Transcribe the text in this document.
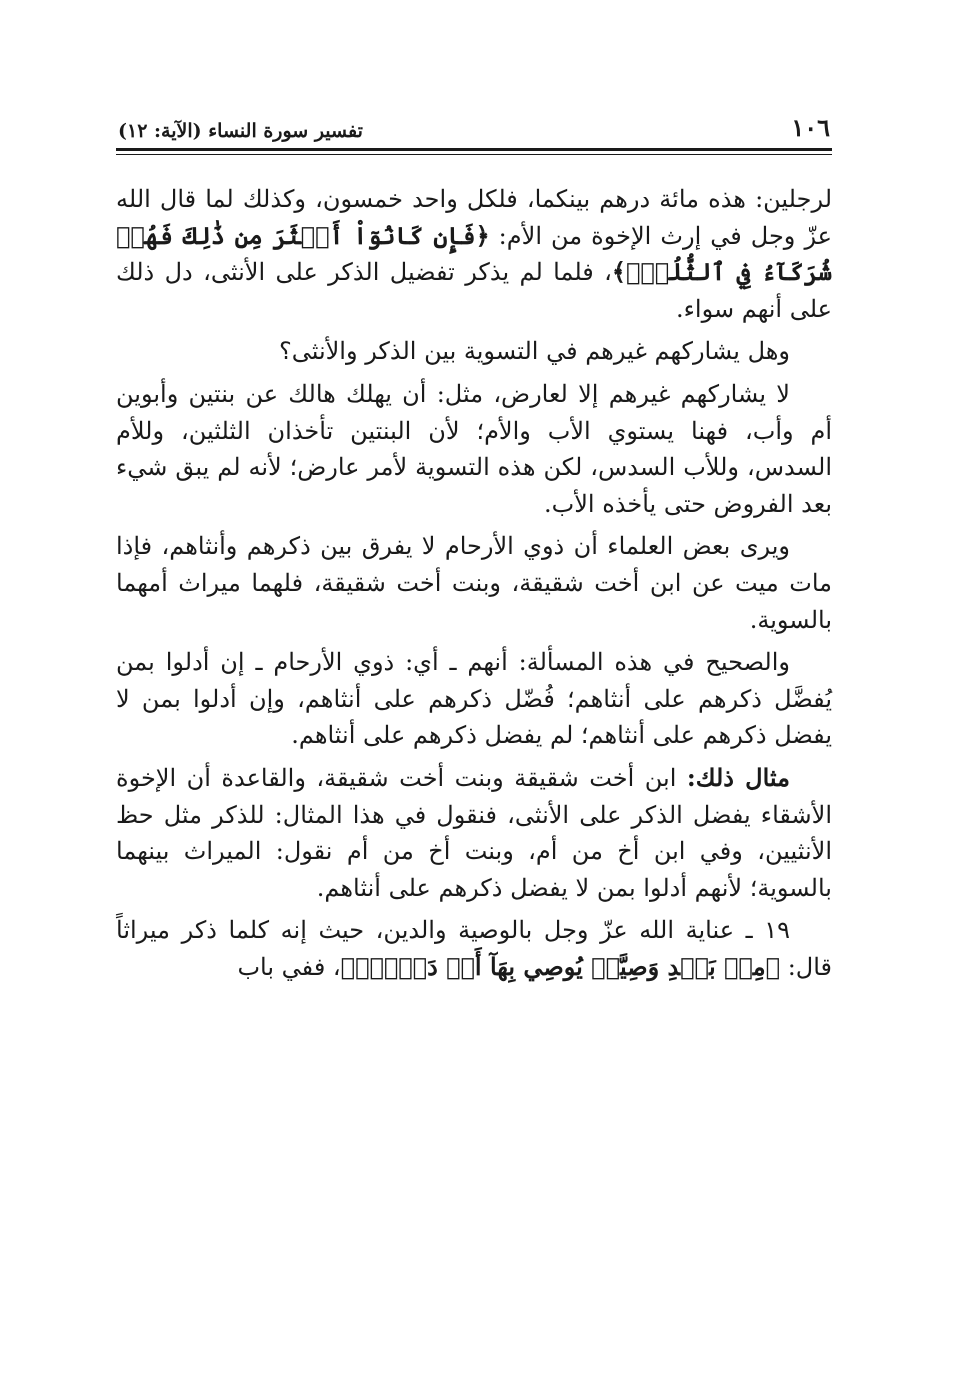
١٠٦
تفسير سورة النساء (الآية: ١٢)

لرجلين: هذه مائة درهم بينكما، فلكل واحد خمسون، وكذلك لما قال الله عزّ وجل في إرث الإخوة من الأم: ﴿فَإِن كَانُوٓاْ أَكۡثَرَ مِن ذَٰلِكَ فَهُمۡ شُرَكَآءُ فِي ٱلثُّلُثِۚ﴾، فلما لم يذكر تفضيل الذكر على الأنثى، دل ذلك على أنهم سواء.

وهل يشاركهم غيرهم في التسوية بين الذكر والأنثى؟

لا يشاركهم غيرهم إلا لعارض، مثل: أن يهلك هالك عن بنتين وأبوين أم وأب، فهنا يستوي الأب والأم؛ لأن البنتين تأخذان الثلثين، وللأم السدس، وللأب السدس، لكن هذه التسوية لأمر عارض؛ لأنه لم يبق شيء بعد الفروض حتى يأخذه الأب.

ويرى بعض العلماء أن ذوي الأرحام لا يفرق بين ذكرهم وأنثاهم، فإذا مات ميت عن ابن أخت شقيقة، وبنت أخت شقيقة، فلهما ميراث أمهما بالسوية.

والصحيح في هذه المسألة: أنهم ـ أي: ذوي الأرحام ـ إن أدلوا بمن يُفضَّل ذكرهم على أنثاهم؛ فُضّل ذكرهم على أنثاهم، وإن أدلوا بمن لا يفضل ذكرهم على أنثاهم؛ لم يفضل ذكرهم على أنثاهم.

مثال ذلك: ابن أخت شقيقة وبنت أخت شقيقة، والقاعدة أن الإخوة الأشقاء يفضل الذكر على الأنثى، فنقول في هذا المثال: للذكر مثل حظ الأنثيين، وفي ابن أخ من أم، وبنت أخ من أم نقول: الميراث بينهما بالسوية؛ لأنهم أدلوا بمن لا يفضل ذكرهم على أنثاهم.

١٩ ـ عناية الله عزّ وجل بالوصية والدين، حيث إنه كلما ذكر ميراثاً قال: ﴿مِنۢ بَعۡدِ وَصِيَّةٖ يُوصِي بِهَآ أَوۡ دَيۡنٍۗ﴾، ففي باب
